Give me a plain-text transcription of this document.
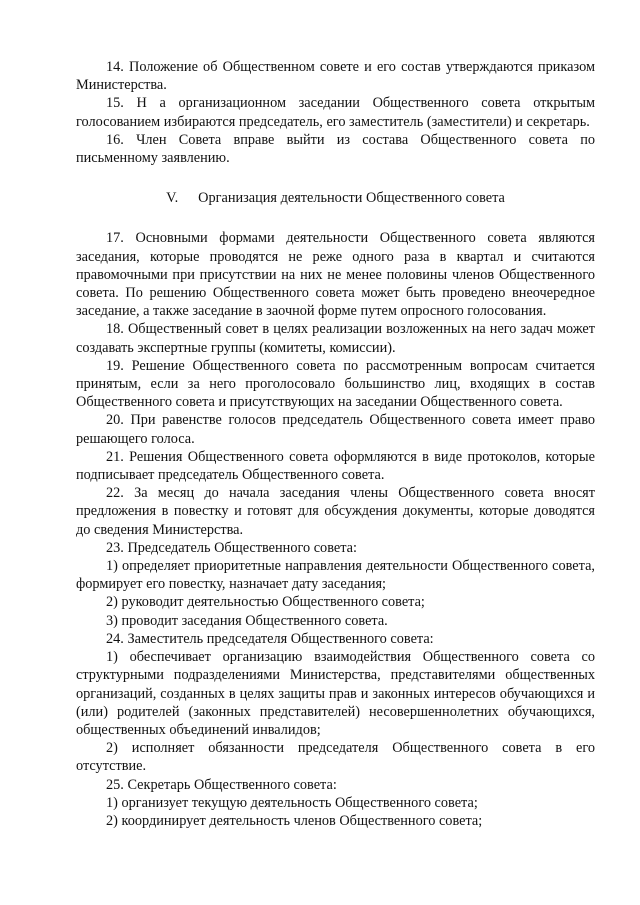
14. Положение об Общественном совете и его состав утверждаются приказом Министерства.

15. Н а организационном заседании Общественного совета открытым голосованием избираются председатель, его заместитель (заместители) и секретарь.

16. Член Совета вправе выйти из состава Общественного совета по письменному заявлению.

V. Организация деятельности Общественного совета

17. Основными формами деятельности Общественного совета являются заседания, которые проводятся не реже одного раза в квартал и считаются правомочными при присутствии на них не менее половины членов Общественного совета. По решению Общественного совета может быть проведено внеочередное заседание, а также заседание в заочной форме путем опросного голосования.

18. Общественный совет в целях реализации возложенных на него задач может создавать экспертные группы (комитеты, комиссии).

19. Решение Общественного совета по рассмотренным вопросам считается принятым, если за него проголосовало большинство лиц, входящих в состав Общественного совета и присутствующих на заседании Общественного совета.

20. При равенстве голосов председатель Общественного совета имеет право решающего голоса.

21. Решения Общественного совета оформляются в виде протоколов, которые подписывает председатель Общественного совета.

22. За месяц до начала заседания члены Общественного совета вносят предложения в повестку и готовят для обсуждения документы, которые доводятся до сведения Министерства.

23. Председатель Общественного совета:

1) определяет приоритетные направления деятельности Общественного совета, формирует его повестку, назначает дату заседания;

2) руководит деятельностью Общественного совета;

3) проводит заседания Общественного совета.

24. Заместитель председателя Общественного совета:

1) обеспечивает организацию взаимодействия Общественного совета со структурными подразделениями Министерства, представителями общественных организаций, созданных в целях защиты прав и законных интересов обучающихся и (или) родителей (законных представителей) несовершеннолетних обучающихся, общественных объединений инвалидов;

2) исполняет обязанности председателя Общественного совета в его отсутствие.

25. Секретарь Общественного совета:

1) организует текущую деятельность Общественного совета;

2) координирует деятельность членов Общественного совета;
